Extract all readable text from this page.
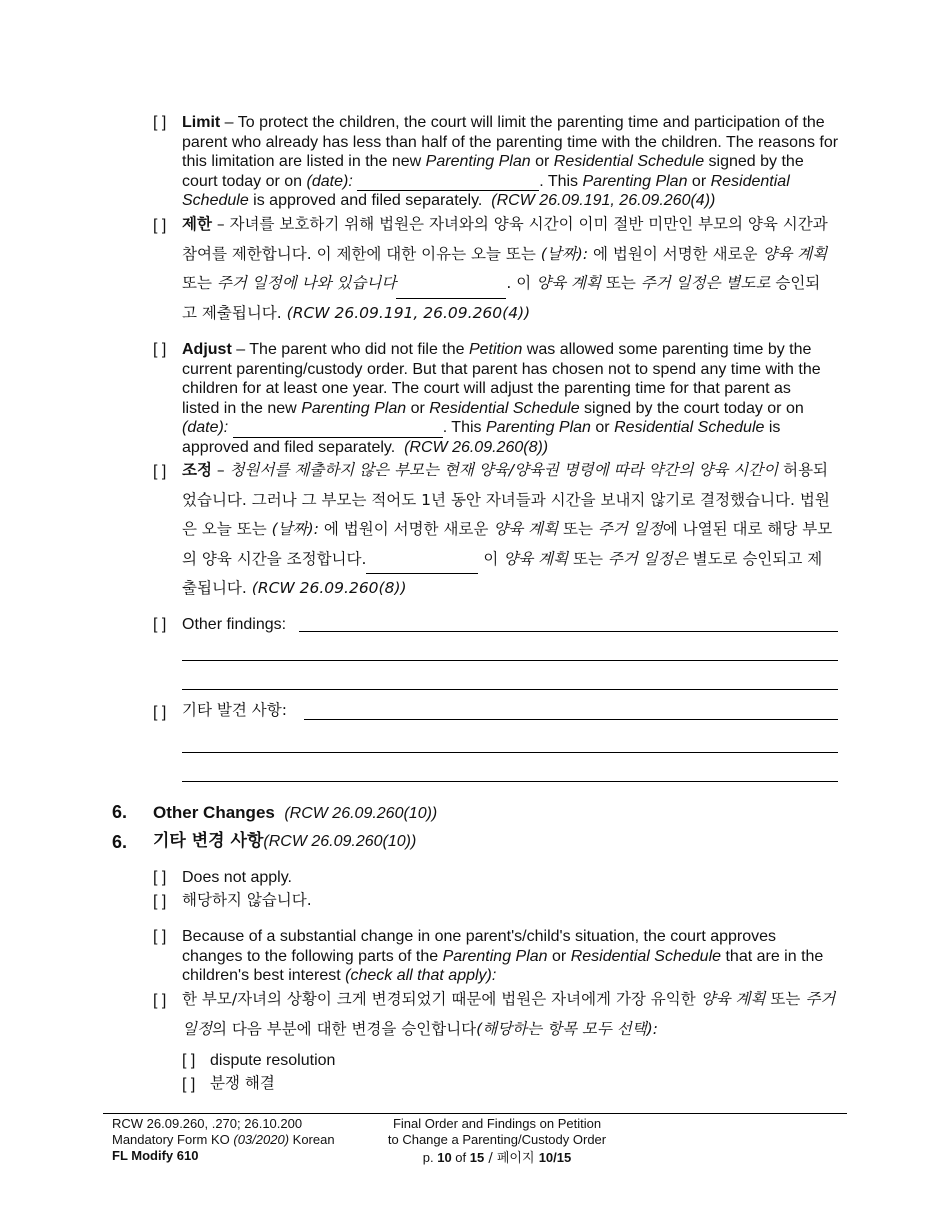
[ ] Limit – To protect the children, the court will limit the parenting time and participation of the parent who already has less than half of the parenting time with the children. The reasons for this limitation are listed in the new Parenting Plan or Residential Schedule signed by the court today or on (date):	. This Parenting Plan or Residential Schedule is approved and filed separately. (RCW 26.09.191, 26.09.260(4))
[ ] 제한 – 자녀를 보호하기 위해 법원은 자녀와의 양육 시간이 이미 절반 미만인 부모의 양육 시간과 참여를 제한합니다. 이 제한에 대한 이유는 오늘 또는 (날짜): 에 법원이 서명한 새로운 양육 계획또는 주거 일정에 나와 있습니다	. 이 양육 계획 또는 주거 일정은 별도로 승인되고 제출됩니다. (RCW 26.09.191, 26.09.260(4))
[ ] Adjust – The parent who did not file the Petition was allowed some parenting time by the current parenting/custody order. But that parent has chosen not to spend any time with the children for at least one year. The court will adjust the parenting time for that parent as listed in the new Parenting Plan or Residential Schedule signed by the court today or on (date):	. This Parenting Plan or Residential Schedule is approved and filed separately. (RCW 26.09.260(8))
[ ] 조정 – 청원서를 제출하지 않은 부모는 현재 양육/양육권 명령에 따라 약간의 양육 시간이 허용되었습니다. 그러나 그 부모는 적어도 1년 동안 자녀들과 시간을 보내지 않기로 결정했습니다. 법원은 오늘 또는 (날짜): 에 법원이 서명한 새로운 양육 계획 또는 주거 일정에 나열된 대로 해당 부모의 양육 시간을 조정합니다.	이 양육 계획 또는 주거 일정은 별도로 승인되고 제출됩니다. (RCW 26.09.260(8))
[ ] Other findings:
[ ] 기타 발견 사항:
6. Other Changes (RCW 26.09.260(10))
6. 기타 변경 사항(RCW 26.09.260(10))
[ ] Does not apply.
[ ] 해당하지 않습니다.
[ ] Because of a substantial change in one parent's/child's situation, the court approves changes to the following parts of the Parenting Plan or Residential Schedule that are in the children's best interest (check all that apply):
[ ] 한 부모/자녀의 상황이 크게 변경되었기 때문에 법원은 자녀에게 가장 유익한 양육 계획 또는 주거 일정의 다음 부분에 대한 변경을 승인합니다(해당하는 항목 모두 선택):
[ ] dispute resolution
[ ] 분쟁 해결
RCW 26.09.260, .270; 26.10.200
Mandatory Form KO (03/2020) Korean
FL Modify 610
Final Order and Findings on Petition
to Change a Parenting/Custody Order
p. 10 of 15 / 페이지 10/15
